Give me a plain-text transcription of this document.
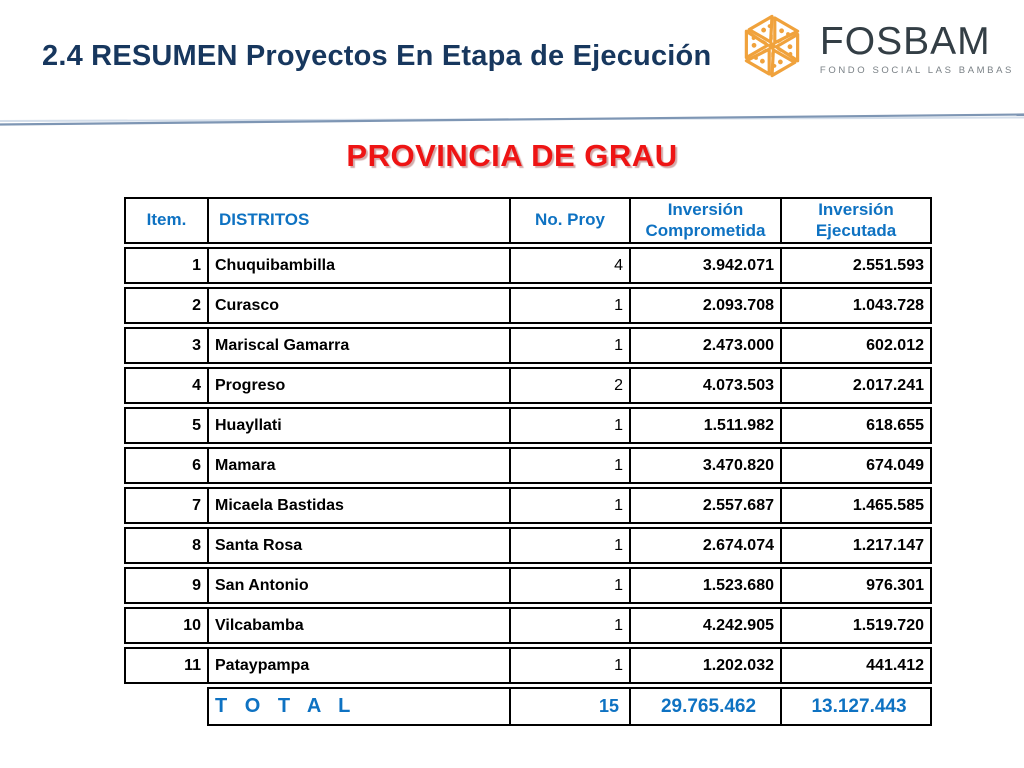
2.4 RESUMEN Proyectos En Etapa de Ejecución	FOSBAM
FONDO SOCIAL LAS BAMBAS
PROVINCIA DE GRAU
Item.	DISTRITOS	No. Proy	Inversión Comprometida	Inversión Ejecutada
1	Chuquibambilla	4	3.942.071	2.551.593
2	Curasco	1	2.093.708	1.043.728
3	Mariscal Gamarra	1	2.473.000	602.012
4	Progreso	2	4.073.503	2.017.241
5	Huayllati	1	1.511.982	618.655
6	Mamara	1	3.470.820	674.049
7	Micaela Bastidas	1	2.557.687	1.465.585
8	Santa Rosa	1	2.674.074	1.217.147
9	San Antonio	1	1.523.680	976.301
10	Vilcabamba	1	4.242.905	1.519.720
11	Pataypampa	1	1.202.032	441.412
	T O T A L	15	29.765.462	13.127.443
